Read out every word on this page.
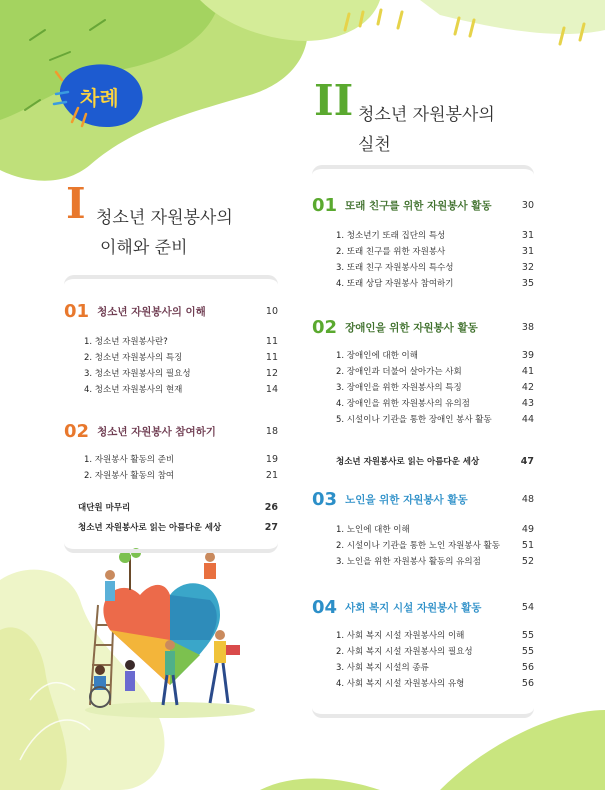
차례
I 청소년 자원봉사의
이해와 준비
01 청소년 자원봉사의 이해	10
1. 청소년 자원봉사란?	11
2. 청소년 자원봉사의 특징	11
3. 청소년 자원봉사의 필요성	12
4. 청소년 자원봉사의 현재	14
02 청소년 자원봉사 참여하기	18
1. 자원봉사 활동의 준비	19
2. 자원봉사 활동의 참여	21
대단원 마무리	26
청소년 자원봉사로 읽는 아름다운 세상	27
II 청소년 자원봉사의
실천
01 또래 친구를 위한 자원봉사 활동	30
1. 청소년기 또래 집단의 특성	31
2. 또래 친구를 위한 자원봉사	31
3. 또래 친구 자원봉사의 특수성	32
4. 또래 상담 자원봉사 참여하기	35
02 장애인을 위한 자원봉사 활동	38
1. 장애인에 대한 이해	39
2. 장애인과 더불어 살아가는 사회	41
3. 장애인을 위한 자원봉사의 특징	42
4. 장애인을 위한 자원봉사의 유의점	43
5. 시설이나 기관을 통한 장애인 봉사 활동	44
청소년 자원봉사로 읽는 아름다운 세상	47
03 노인을 위한 자원봉사 활동	48
1. 노인에 대한 이해	49
2. 시설이나 기관을 통한 노인 자원봉사 활동	51
3. 노인을 위한 자원봉사 활동의 유의점	52
04 사회 복지 시설 자원봉사 활동	54
1. 사회 복지 시설 자원봉사의 이해	55
2. 사회 복지 시설 자원봉사의 필요성	55
3. 사회 복지 시설의 종류	56
4. 사회 복지 시설 자원봉사의 유형	56
